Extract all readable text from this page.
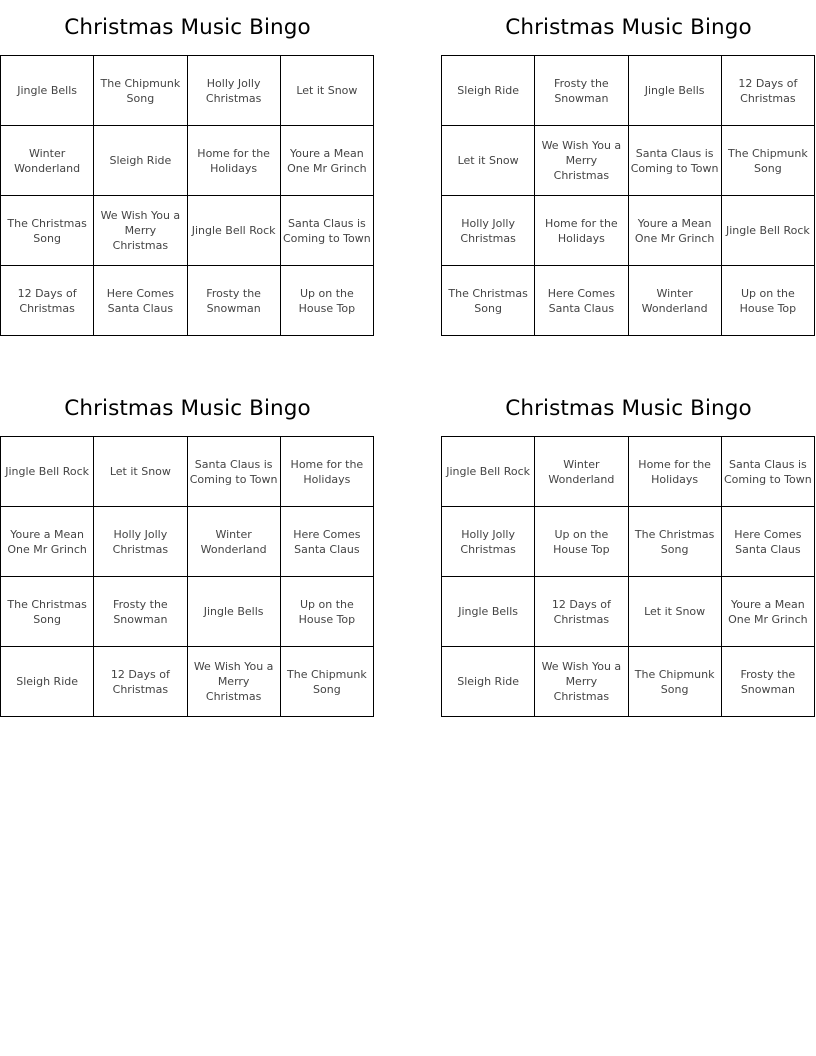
Christmas Music Bingo
Jingle Bells
The Chipmunk Song
Holly Jolly Christmas
Let it Snow
Winter Wonderland
Sleigh Ride
Home for the Holidays
Youre a Mean One Mr Grinch
The Christmas Song
We Wish You a Merry Christmas
Jingle Bell Rock
Santa Claus is Coming to Town
12 Days of Christmas
Here Comes Santa Claus
Frosty the Snowman
Up on the House Top
Christmas Music Bingo
Sleigh Ride
Frosty the Snowman
Jingle Bells
12 Days of Christmas
Let it Snow
We Wish You a Merry Christmas
Santa Claus is Coming to Town
The Chipmunk Song
Holly Jolly Christmas
Home for the Holidays
Youre a Mean One Mr Grinch
Jingle Bell Rock
The Christmas Song
Here Comes Santa Claus
Winter Wonderland
Up on the House Top
Christmas Music Bingo
Jingle Bell Rock	Let it Snow
Santa Claus is Coming to Town
Home for the Holidays
Youre a Mean One Mr Grinch
Holly Jolly Christmas
Winter Wonderland
Here Comes Santa Claus
The Christmas Song
Frosty the Snowman
Jingle Bells
Up on the House Top
Sleigh Ride
12 Days of Christmas
We Wish You a Merry Christmas
The Chipmunk Song
Christmas Music Bingo
Jingle Bell Rock
Winter Wonderland
Home for the Holidays
Santa Claus is Coming to Town
Holly Jolly Christmas
Up on the House Top
The Christmas Song
Here Comes Santa Claus
Jingle Bells
12 Days of Christmas
Let it Snow
Youre a Mean One Mr Grinch
Sleigh Ride
We Wish You a Merry Christmas
The Chipmunk Song
Frosty the Snowman
